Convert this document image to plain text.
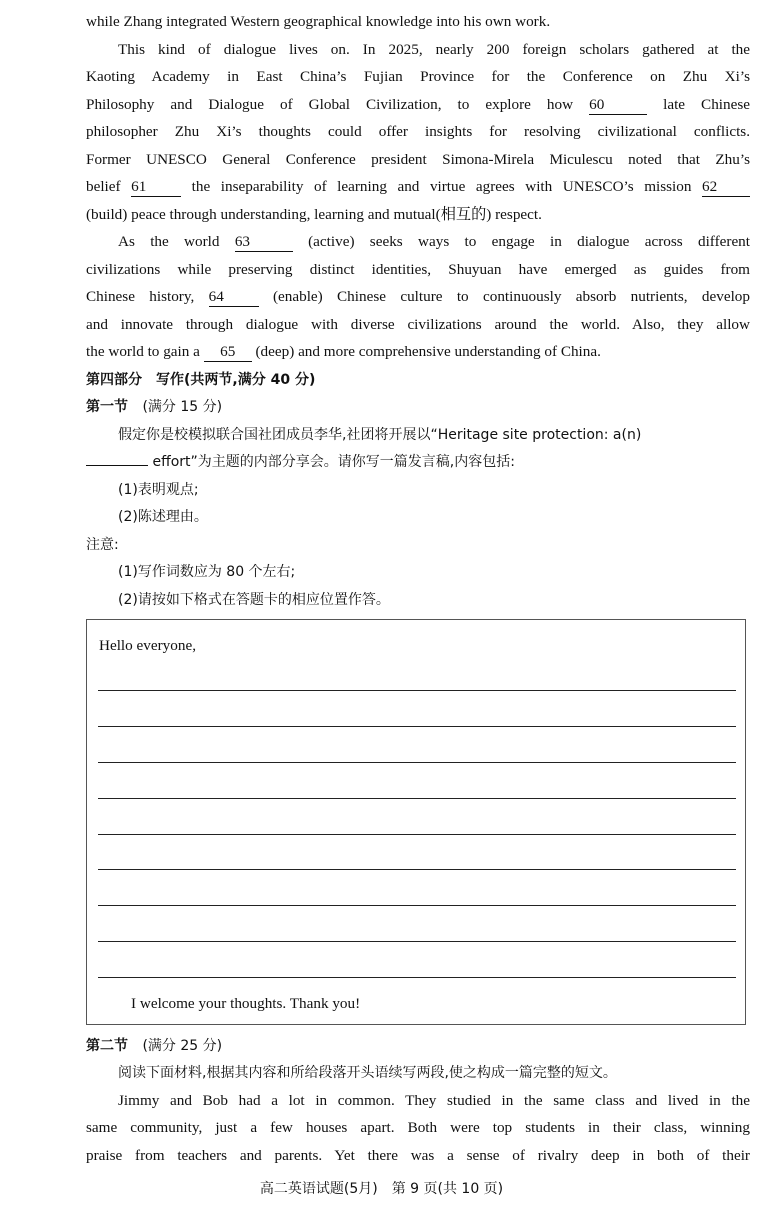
while Zhang integrated Western geographical knowledge into his own work.
This kind of dialogue lives on. In 2025, nearly 200 foreign scholars gathered at the
Kaoting Academy in East China’s Fujian Province for the Conference on Zhu Xi’s
Philosophy and Dialogue of Global Civilization, to explore how 60	late Chinese
philosopher Zhu Xi’s thoughts could offer insights for resolving civilizational conflicts.
Former UNESCO General Conference president Simona-Mirela Miculescu noted that Zhu’s
belief 61	the inseparability of learning and virtue agrees with UNESCO’s mission 62
(build) peace through understanding, learning and mutual(相互的) respect.
As the world 63	(active) seeks ways to engage in dialogue across different
civilizations while preserving distinct identities, Shuyuan have emerged as guides from
Chinese history, 64	(enable) Chinese culture to continuously absorb nutrients, develop
and innovate through dialogue with diverse civilizations around the world. Also, they allow
the world to gain a 65 (deep) and more comprehensive understanding of China.
第四部分　写作(共两节,满分 40 分)
第一节 (满分 15 分)
假定你是校模拟联合国社团成员李华,社团将开展以“Heritage site protection: a(n)
effort”为主题的内部分享会。请你写一篇发言稿,内容包括:
(1)表明观点;
(2)陈述理由。
注意:
(1)写作词数应为 80 个左右;
(2)请按如下格式在答题卡的相应位置作答。
Hello everyone,
I welcome your thoughts. Thank you!
第二节 (满分 25 分)
阅读下面材料,根据其内容和所给段落开头语续写两段,使之构成一篇完整的短文。
Jimmy and Bob had a lot in common. They studied in the same class and lived in the
same community, just a few houses apart. Both were top students in their class, winning
praise from teachers and parents. Yet there was a sense of rivalry deep in both of their
高二英语试题(5月)　第 9 页(共 10 页)
